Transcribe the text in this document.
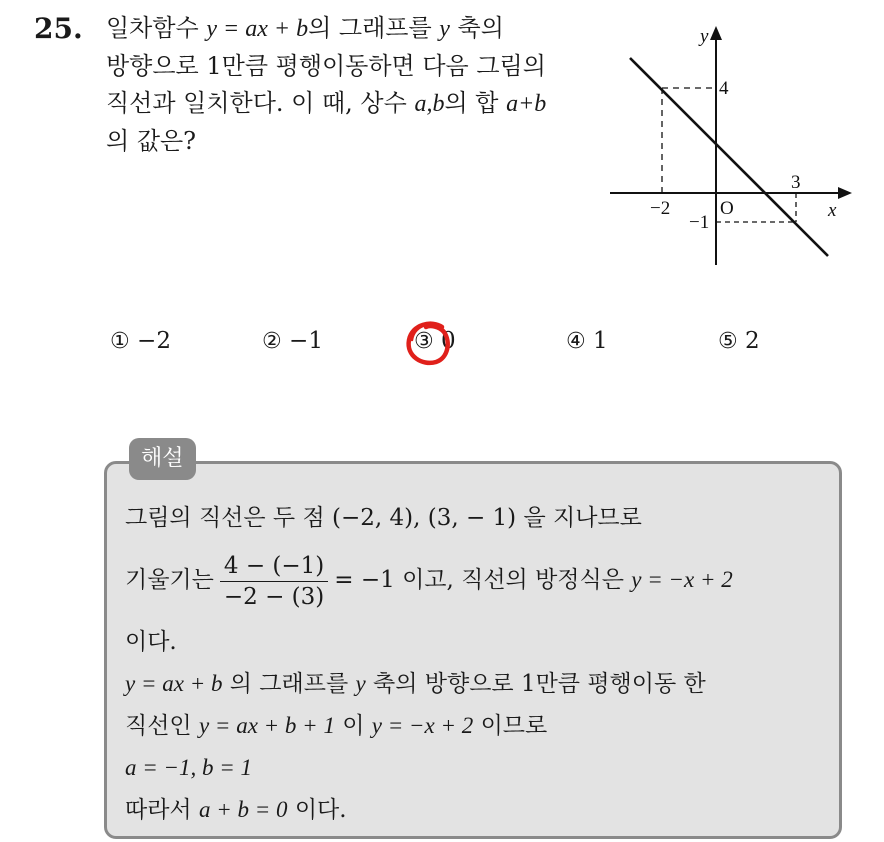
25. 일차함수 y = ax + b의 그래프를 y 축의
방향으로 1만큼 평행이동하면 다음 그림의
직선과 일치한다. 이 때, 상수 a,b의 합 a+b
의 값은?
y
x
O
4
−2
3
−1
① −2	② −1	③ 0	④ 1	⑤ 2
해설
그림의 직선은 두 점 (−2, 4), (3, − 1) 을 지나므로
기울기는 $\frac{4 - (-1)}{-2 - (3)} = -1$ 이고, 직선의 방정식은 y = −x + 2
이다.
y = ax + b 의 그래프를 y 축의 방향으로 1만큼 평행이동 한
직선인 y = ax + b + 1 이 y = −x + 2 이므로
a = −1, b = 1
따라서 a + b = 0 이다.
